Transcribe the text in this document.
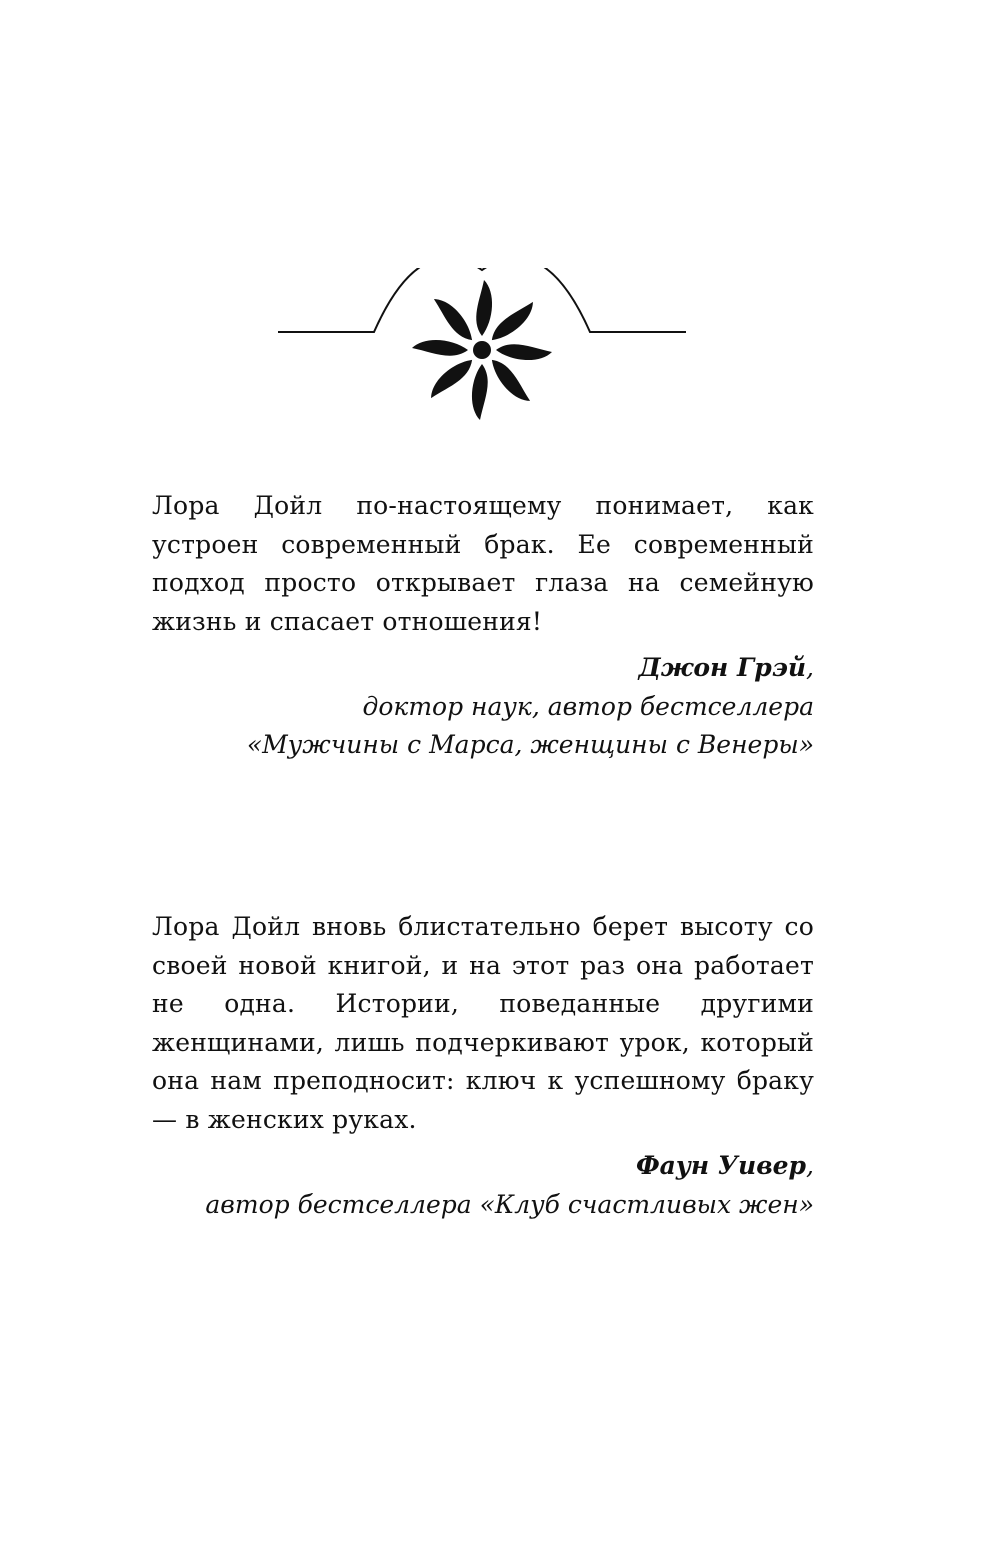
Лора Дойл по-настоящему понимает, как устроен современный брак. Ее современный подход просто открывает глаза на семейную жизнь и спасает отношения!

Джон Грэй,
доктор наук, автор бестселлера
«Мужчины с Марса, женщины с Венеры»

Лора Дойл вновь блистательно берет высоту со своей новой книгой, и на этот раз она работает не одна. Истории, поведанные другими женщинами, лишь подчеркивают урок, который она нам преподносит: ключ к успешному браку — в женских руках.

Фаун Уивер,
автор бестселлера «Клуб счастливых жен»
